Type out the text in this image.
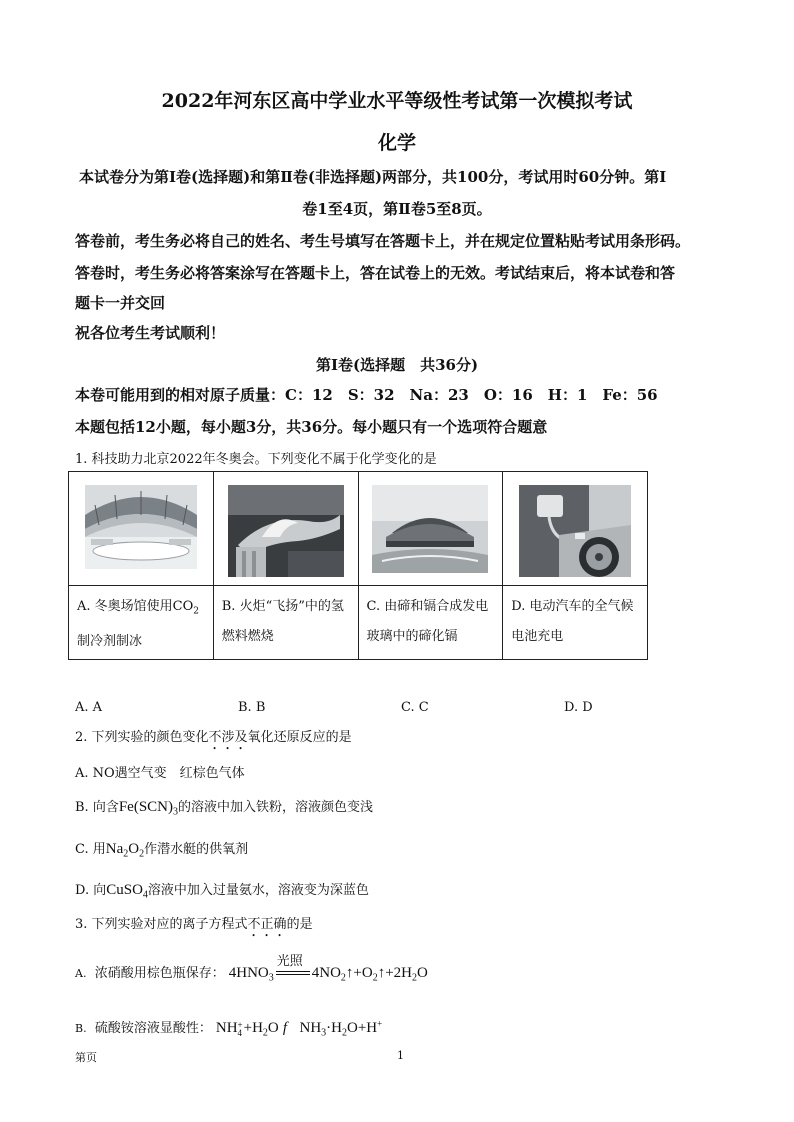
2022年河东区高中学业水平等级性考试第一次模拟考试
化学
本试卷分为第Ⅰ卷(选择题)和第Ⅱ卷(非选择题)两部分，共100分，考试用时60分钟。第Ⅰ
卷1至4页，第Ⅱ卷5至8页。
答卷前，考生务必将自己的姓名、考生号填写在答题卡上，并在规定位置粘贴考试用条形码。
答卷时，考生务必将答案涂写在答题卡上，答在试卷上的无效。考试结束后，将本试卷和答
题卡一并交回
祝各位考生考试顺利！
第Ⅰ卷(选择题　共36分)
本卷可能用到的相对原子质量：C：12　S：32　Na：23　O：16　H：1　Fe：56
本题包括12小题，每小题3分，共36分。每小题只有一个选项符合题意
1. 科技助力北京2022年冬奥会。下列变化不属于化学变化的是

A. 冬奥场馆使用$CO_2$
制冷剂制冰	B. 火炬“飞扬”中的氢燃料燃烧	C. 由碲和镉合成发电玻璃中的碲化镉	D. 电动汽车的全气候电池充电
A. A	B. B	C. C	D. D
2. 下列实验的颜色变化不涉及氧化还原反应的是
A. NO遇空气变　红棕色气体
B. 向含$Fe(SCN)_3$的溶液中加入铁粉，溶液颜色变浅
C. 用$Na_2O_2$作潜水艇的供氧剂
D. 向CuSO$_4$溶液中加入过量氨水，溶液变为深蓝色
3. 下列实验对应的离子方程式不正确的是
A. 浓硝酸用棕色瓶保存： $4HNO_3$
光照
$4NO_2↑+O_2↑+2H_2O$
B. 硫酸铵溶液显酸性： NH +
$4 +H_2O$ f $NH_3\cdot H_2O+H^+$
第页	1
